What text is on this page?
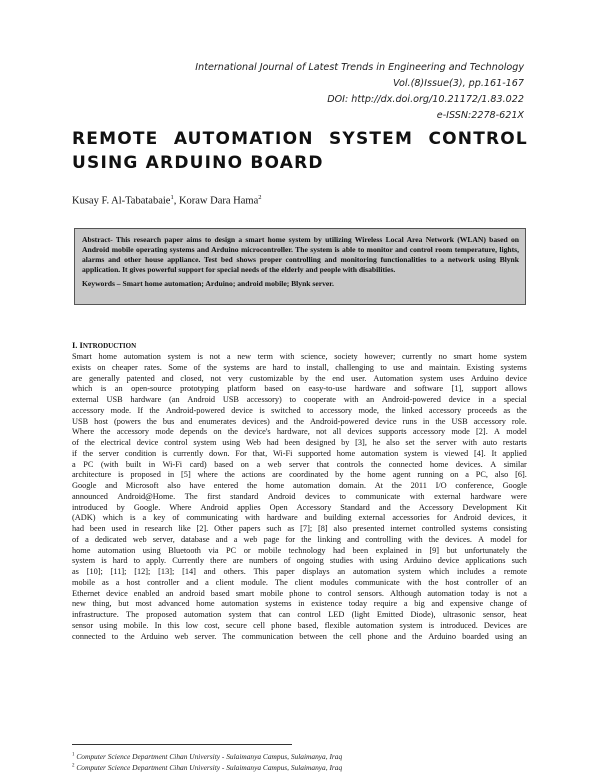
International Journal of Latest Trends in Engineering and Technology
Vol.(8)Issue(3), pp.161-167
DOI: http://dx.doi.org/10.21172/1.83.022
e-ISSN:2278-621X
REMOTE AUTOMATION SYSTEM CONTROL
USING ARDUINO BOARD
Kusay F. Al-Tabatabaie$^1$, Koraw Dara Hama$^2$

Abstract- This research paper aims to design a smart home system by utilizing Wireless Local Area Network (WLAN) based on Android mobile operating systems and Arduino microcontroller. The system is able to monitor and control room temperature, lights, alarms and other house appliance. Test bed shows proper controlling and monitoring functionalities to a network using Blynk application. It gives powerful support for special needs of the elderly and people with disabilities.

Keywords – Smart home automation; Arduino; android mobile; Blynk server.

I. INTRODUCTION
Smart home automation system is not a new term with science, society however; currently no smart home system
exists on cheaper rates. Some of the systems are hard to install, challenging to use and maintain. Existing systems
are generally patented and closed, not very customizable by the end user. Automation system uses Arduino device
which is an open-source prototyping platform based on easy-to-use hardware and software [1], support allows
external USB hardware (an Android USB accessory) to cooperate with an Android-powered device in a special
accessory mode. If the Android-powered device is switched to accessory mode, the linked accessory proceeds as the
USB host (powers the bus and enumerates devices) and the Android-powered device runs in the USB accessory role.
Where the accessory mode depends on the device's hardware, not all devices supports accessory mode [2]. A model
of the electrical device control system using Web had been designed by [3], he also set the server with auto restarts
if the server condition is currently down. For that, Wi-Fi supported home automation system is viewed [4]. It applied
a PC (with built in Wi-Fi card) based on a web server that controls the connected home devices. A similar
architecture is proposed in [5] where the actions are coordinated by the home agent running on a PC, also [6].
Google and Microsoft also have entered the home automation domain. At the 2011 I/O conference, Google
announced Android@Home. The first standard Android devices to communicate with external hardware were
introduced by Google. Where Android applies Open Accessory Standard and the Accessory Development Kit
(ADK) which is a key of communicating with hardware and building external accessories for Android devices, it
had been used in research like [2]. Other papers such as [7]; [8] also presented internet controlled systems consisting
of a dedicated web server, database and a web page for the linking and controlling with the devices. A model for
home automation using Bluetooth via PC or mobile technology had been explained in [9] but unfortunately the
system is hard to apply. Currently there are numbers of ongoing studies with using Arduino device applications such
as [10]; [11]; [12]; [13]; [14] and others. This paper displays an automation system which includes a remote
mobile as a host controller and a client module. The client modules communicate with the host controller of an
Ethernet device enabled an android based smart mobile phone to control sensors. Although automation today is not a
new thing, but most advanced home automation systems in existence today require a big and expensive change of
infrastructure. The proposed automation system that can control LED (light Emitted Diode), ultrasonic sensor, heat
sensor using mobile. In this low cost, secure cell phone based, flexible automation system is introduced. Devices are
connected to the Arduino web server. The communication between the cell phone and the Arduino boarded using an
$^1$ Computer Science Department Cihan University - Sulaimanya Campus, Sulaimanya, Iraq
$^2$ Computer Science Department Cihan University - Sulaimanya Campus, Sulaimanya, Iraq
